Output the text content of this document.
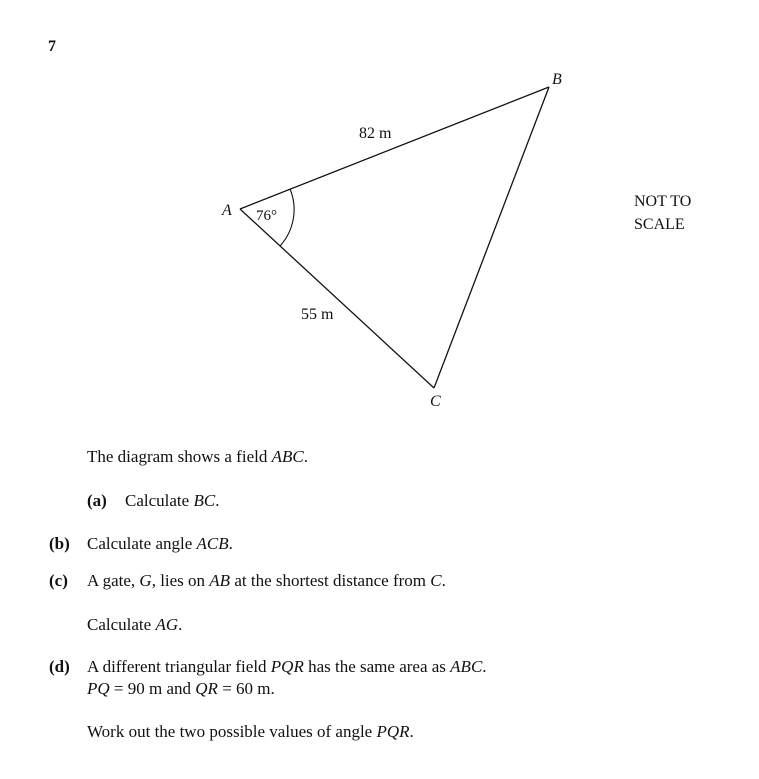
7
A
B
C
82 m
55 m
76°
NOT TO
SCALE
The diagram shows a field ABC.
(a) Calculate BC.
(b) Calculate angle ACB.
(c) A gate, G, lies on AB at the shortest distance from C.
Calculate AG.
(d) A different triangular field PQR has the same area as ABC.
PQ = 90 m and QR = 60 m.
Work out the two possible values of angle PQR.
